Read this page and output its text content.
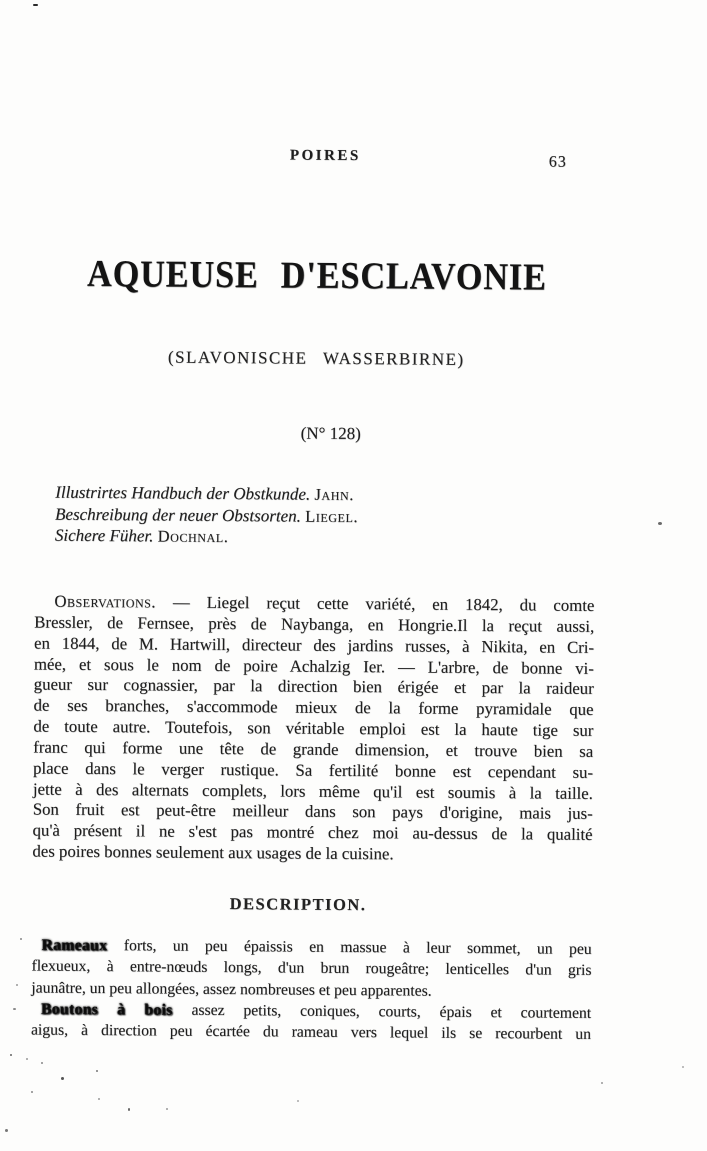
POIRES	63
AQUEUSE D'ESCLAVONIE
(SLAVONISCHE WASSERBIRNE)
(N° 128)
Illustrirtes Handbuch der Obstkunde. Jahn.
Beschreibung der neuer Obstsorten. Liegel.
Sichere Füher. Dochnal.
Observations. — Liegel reçut cette variété, en 1842, du comte
Bressler, de Fernsee, près de Naybanga, en Hongrie.Il la reçut aussi,
en 1844, de M. Hartwill, directeur des jardins russes, à Nikita, en Cri-
mée, et sous le nom de poire Achalzig Ier. — L'arbre, de bonne vi-
gueur sur cognassier, par la direction bien érigée et par la raideur
de ses branches, s'accommode mieux de la forme pyramidale que
de toute autre. Toutefois, son véritable emploi est la haute tige sur
franc qui forme une tête de grande dimension, et trouve bien sa
place dans le verger rustique. Sa fertilité bonne est cependant su-
jette à des alternats complets, lors même qu'il est soumis à la taille.
Son fruit est peut-être meilleur dans son pays d'origine, mais jus-
qu'à présent il ne s'est pas montré chez moi au-dessus de la qualité
des poires bonnes seulement aux usages de la cuisine.
DESCRIPTION.
Rameaux forts, un peu épaissis en massue à leur sommet, un peu
flexueux, à entre-nœuds longs, d'un brun rougeâtre; lenticelles d'un gris
jaunâtre, un peu allongées, assez nombreuses et peu apparentes.
Boutons à bois assez petits, coniques, courts, épais et courtement
aigus, à direction peu écartée du rameau vers lequel ils se recourbent un
